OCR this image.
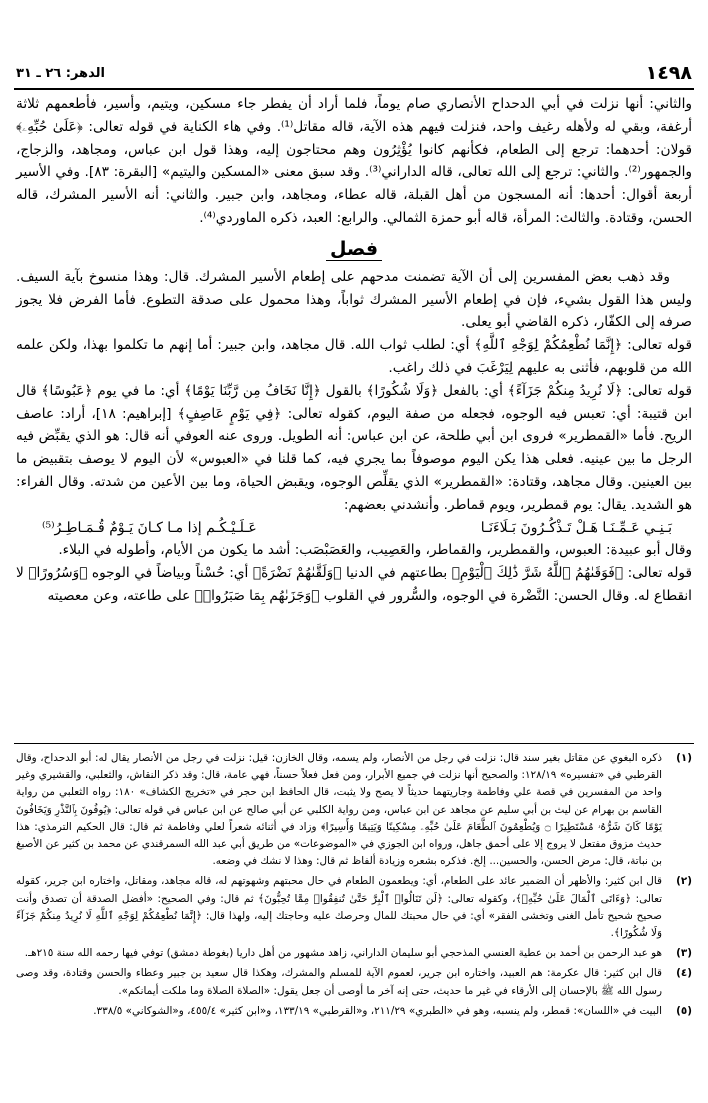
١٤٩٨
الدهر: ٢٦ ـ ٣١

والثاني: أنها نزلت في أبي الدحداح الأنصاري صام يوماً، فلما أراد أن يفطر جاء مسكين، ويتيم، وأسير، فأطعمهم ثلاثة أرغفة، وبقي له ولأهله رغيف واحد، فنزلت فيهم هذه الآية، قاله مقاتل⁽¹⁾. وفي هاء الكناية في قوله تعالى: ﴿عَلَىٰ حُبِّهِۦ﴾ قولان: أحدهما: ترجع إلى الطعام، فكأنهم كانوا يُؤْثِرُون وهم محتاجون إليه، وهذا قول ابن عباس، ومجاهد، والزجاج، والجمهور⁽²⁾. والثاني: ترجع إلى الله تعالى، قاله الداراني⁽³⁾. وقد سبق معنى «المسكين واليتيم» [البقرة: ٨٣]. وفي الأسير أربعة أقوال: أحدها: أنه المسجون من أهل القبلة، قاله عطاء، ومجاهد، وابن جبير. والثاني: أنه الأسير المشرك، قاله الحسن، وقتادة. والثالث: المرأة، قاله أبو حمزة الثمالي. والرابع: العبد، ذكره الماوردي⁽⁴⁾.

فصل

وقد ذهب بعض المفسرين إلى أن الآية تضمنت مدحهم على إطعام الأسير المشرك. قال: وهذا منسوخ بآية السيف. وليس هذا القول بشيء، فإن في إطعام الأسير المشرك ثواباً، وهذا محمول على صدقة التطوع. فأما الفرض فلا يجوز صرفه إلى الكفّار، ذكره القاضي أبو يعلى.

قوله تعالى: ﴿إِنَّمَا نُطْعِمُكُمْ لِوَجْهِ ٱللَّهِ﴾ أي: لطلب ثواب الله. قال مجاهد، وابن جبير: أما إنهم ما تكلموا بهذا، ولكن علمه الله من قلوبهم، فأثنى به عليهم لِيَرْغَبَ في ذلك راغب.

قوله تعالى: ﴿لَا نُرِيدُ مِنكُمْ جَزَآءً﴾ أي: بالفعل ﴿وَلَا شُكُورًا﴾ بالقول ﴿إِنَّا نَخَافُ مِن رَّبِّنَا يَوْمًا﴾ أي: ما في يوم ﴿عَبُوسًا﴾ قال ابن قتيبة: أي: تعبس فيه الوجوه، فجعله من صفة اليوم، كقوله تعالى: ﴿فِي يَوْمٍ عَاصِفٍ﴾ [إبراهيم: ١٨]، أراد: عاصف الريح. فأما «القمطرير» فروى ابن أبي طلحة، عن ابن عباس: أنه الطويل. وروى عنه العوفي أنه قال: هو الذي يقبِّض فيه الرجل ما بين عينيه. فعلى هذا يكن اليوم موصوفاً بما يجري فيه، كما قلنا في «العبوس» لأن اليوم لا يوصف بتقبيض ما بين العينين. وقال مجاهد، وقتادة: «القمطرير» الذي يقلِّص الوجوه، ويقبض الحياة، وما بين الأعين من شدته. وقال الفراء: هو الشديد. يقال: يوم قمطرير، ويوم قماطر. وأنشدني بعضهم:

بَـنِـي عَـمِّـنَـا هَـلْ تَـذْكُـرُونَ بَـلَاءَنَـا
عَـلَـيْـكُـم إذا مـا كـانَ يَـوْمٌ قُـمَـاطِـرُ⁽⁵⁾

وقال أبو عبيدة: العبوس، والقمطرير، والقماطر، والعَصِيب، والعَصَبْصَب: أشد ما يكون من الأيام، وأطوله في البلاء.

قوله تعالى: ﴿فَوَقَىٰهُمُ ٱللَّهُ شَرَّ ذَٰلِكَ ٱلْيَوْمِ﴾ بطاعتهم في الدنيا ﴿وَلَقَّىٰهُمْ نَضْرَةً﴾ أي: حُسْناً وبياضاً في الوجوه ﴿وَسُرُورًا﴾ لا انقطاع له. وقال الحسن: النَّضْرة في الوجوه، والسُّرور في القلوب ﴿وَجَزَىٰهُم بِمَا صَبَرُوا۟﴾ على طاعته، وعن معصيته

(١)
ذكره البغوي عن مقاتل بغير سند قال: نزلت في رجل من الأنصار، ولم يسمه، وقال الخازن: قيل: نزلت في رجل من الأنصار يقال له: أبو الدحداح، وقال القرطبي في «تفسيره» ١٢٨/١٩: والصحيح أنها نزلت في جميع الأبرار، ومن فعل فعلاً حسناً، فهي عامة، قال: وقد ذكر النقاش، والثعلبي، والقشيري وغير واحد من المفسرين في قصة علي وفاطمة وجاريتهما حديثاً لا يصح ولا يثبت، قال الحافظ ابن حجر في «تخريج الكشاف» ١٨٠: رواه الثعلبي من رواية القاسم بن بهرام عن ليث بن أبي سليم عن مجاهد عن ابن عباس، ومن رواية الكلبي عن أبي صالح عن ابن عباس في قوله تعالى: ﴿يُوفُونَ بِٱلنَّذْرِ وَيَخَافُونَ يَوْمًا كَانَ شَرُّهُۥ مُسْتَطِيرًا ۝ وَيُطْعِمُونَ ٱلطَّعَامَ عَلَىٰ حُبِّهِۦ مِسْكِينًا وَيَتِيمًا وَأَسِيرًا﴾ وزاد في أثنائه شعراً لعلي وفاطمة ثم قال: قال الحكيم الترمذي: هذا حديث مزوق مفتعل لا يروج إلا على أحمق جاهل، ورواه ابن الجوزي في «الموضوعات» من طريق أبي عبد الله السمرقندي عن محمد بن كثير عن الأصبغ بن نباتة، قال: مرض الحسن، والحسين... إلخ. فذكره بشعره وزيادة ألفاظ ثم قال: وهذا لا نشك في وضعه.
(٢)
قال ابن كثير: والأظهر أن الضمير عائد على الطعام، أي: ويطعمون الطعام في حال محبتهم وشهوتهم له، قاله مجاهد، ومقاتل، واختاره ابن جرير، كقوله تعالى: ﴿وَءَاتَى ٱلْمَالَ عَلَىٰ حُبِّهِۦ﴾، وكقوله تعالى: ﴿لَن تَنَالُوا۟ ٱلْبِرَّ حَتَّىٰ تُنفِقُوا۟ مِمَّا تُحِبُّونَ﴾ ثم قال: وفي الصحيح: «أفضل الصدقة أن تصدق وأنت صحيح شحيح تأمل الغنى وتخشى الفقر» أي: في حال محبتك للمال وحرصك عليه وحاجتك إليه، ولهذا قال: ﴿إِنَّمَا نُطْعِمُكُمْ لِوَجْهِ ٱللَّهِ لَا نُرِيدُ مِنكُمْ جَزَآءً وَلَا شُكُورًا﴾.
(٣)
هو عبد الرحمن بن أحمد بن عطية العنسي المذحجي أبو سليمان الداراني، زاهد مشهور من أهل داريا (بغوطة دمشق) توفي فيها رحمه الله سنة ٢١٥هـ.
(٤)
قال ابن كثير: قال عكرمة: هم العبيد، واختاره ابن جرير، لعموم الآية للمسلم والمشرك، وهكذا قال سعيد بن جبير وعطاء والحسن وقتادة، وقد وصى رسول الله ﷺ بالإحسان إلى الأرقاء في غير ما حديث، حتى إنه آخر ما أوصى أن جعل يقول: «الصلاة الصلاة وما ملكت أيمانكم».
(٥)
البيت في «اللسان»: قمطر، ولم ينسبه، وهو في «الطبري» ٢١١/٢٩، و«القرطبي» ١٣٣/١٩، و«ابن كثير» ٤٥٥/٤، و«الشوكاني» ٣٣٨/٥.
